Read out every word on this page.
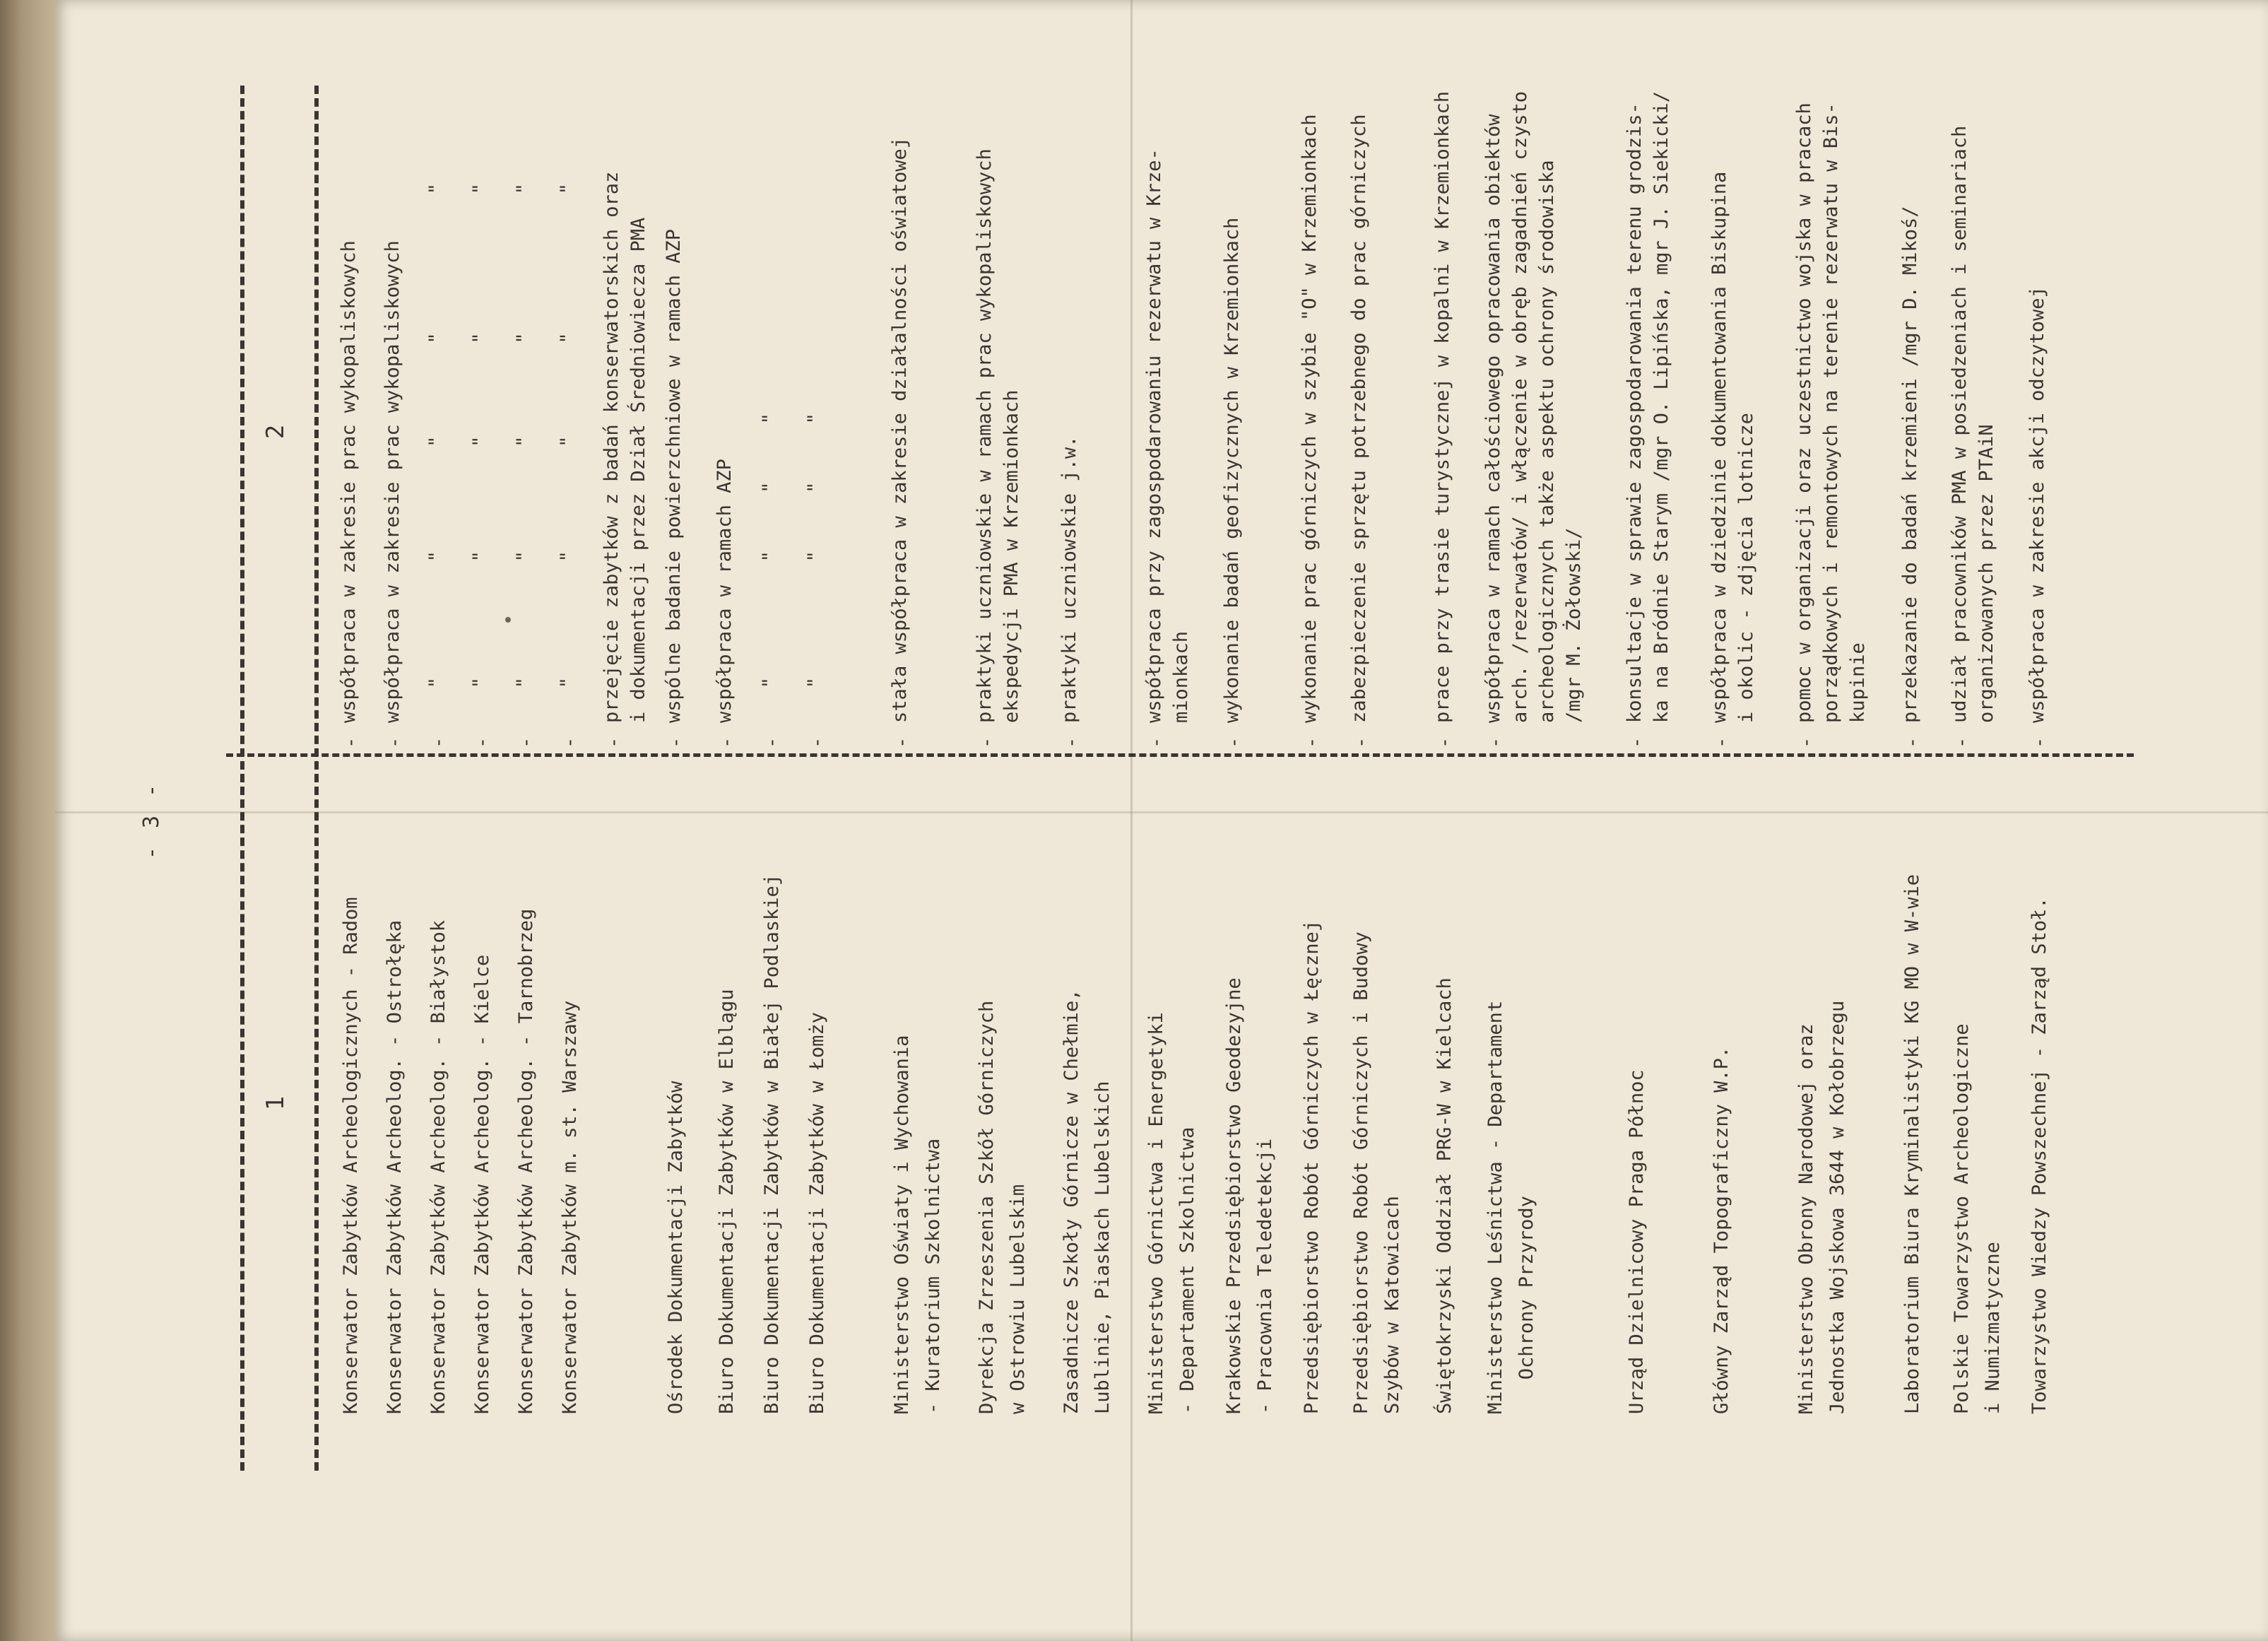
- 3 -
1
2
Konserwator Zabytków Archeologicznych - Radom
-
współpraca w zakresie prac wykopaliskowych
Konserwator Zabytków Archeolog. - Ostrołęka
-
współpraca w zakresie prac wykopaliskowych
Konserwator Zabytków Archeolog. - Białystok
-
"          "         "        "            "
Konserwator Zabytków Archeolog. - Kielce
-
"          "         "        "            "
Konserwator Zabytków Archeolog. - Tarnobrzeg
-
"          "         "        "            "
Konserwator Zabytków m. st. Warszawy
-
"          "         "        "            "
-
przejęcie zabytków z badań konserwatorskich oraz
i dokumentacji przez Dział Średniowiecza PMA
Ośrodek Dokumentacji Zabytków
-
wspólne badanie powierzchniowe w ramach AZP
Biuro Dokumentacji Zabytków w Elblągu
-
współpraca w ramach AZP
Biuro Dokumentacji Zabytków w Białej Podlaskiej
-
"          "     "     "
Biuro Dokumentacji Zabytków w Łomży
-
"          "     "     "
Ministerstwo Oświaty i Wychowania
- Kuratorium Szkolnictwa
-
stała współpraca w zakresie działalności oświatowej
Dyrekcja Zrzeszenia Szkół Górniczych
w Ostrowiu Lubelskim
-
praktyki uczniowskie w ramach prac wykopaliskowych
ekspedycji PMA w Krzemionkach
Zasadnicze Szkoły Górnicze w Chełmie,
Lublinie, Piaskach Lubelskich
-
praktyki uczniowskie j.w.
Ministerstwo Górnictwa i Energetyki
- Departament Szkolnictwa
-
współpraca przy zagospodarowaniu rezerwatu w Krze-
mionkach
Krakowskie Przedsiębiorstwo Geodezyjne
- Pracownia Teledetekcji
-
wykonanie badań geofizycznych w Krzemionkach
Przedsiębiorstwo Robót Górniczych w Łęcznej
-
wykonanie prac górniczych w szybie "O" w Krzemionkach
Przedsiębiorstwo Robót Górniczych i Budowy
Szybów w Katowicach
-
zabezpieczenie sprzętu potrzebnego do prac górniczych
Świętokrzyski Oddział PRG-W w Kielcach
-
prace przy trasie turystycznej w kopalni w Krzemionkach
Ministerstwo Leśnictwa - Departament
Ochrony Przyrody
-
współpraca w ramach całościowego opracowania obiektów
arch. /rezerwatów/ i włączenie w obręb zagadnień czysto
archeologicznych także aspektu ochrony środowiska
/mgr M. Żołowski/
Urząd Dzielnicowy Praga Północ
-
konsultacje w sprawie zagospodarowania terenu grodzis-
ka na Bródnie Starym /mgr O. Lipińska, mgr J. Siekicki/
Główny Zarząd Topograficzny W.P.
-
współpraca w dziedzinie dokumentowania Biskupina
i okolic - zdjęcia lotnicze
Ministerstwo Obrony Narodowej oraz
Jednostka Wojskowa 3644 w Kołobrzegu
-
pomoc w organizacji oraz uczestnictwo wojska w pracach
porządkowych i remontowych na terenie rezerwatu w Bis-
kupinie
Laboratorium Biura Kryminalistyki KG MO w W-wie
-
przekazanie do badań krzemieni /mgr D. Mikoś/
Polskie Towarzystwo Archeologiczne
i Numizmatyczne
-
udział pracowników PMA w posiedzeniach i seminariach
organizowanych przez PTAiN
Towarzystwo Wiedzy Powszechnej - Zarząd Stoł.
-
współpraca w zakresie akcji odczytowej
